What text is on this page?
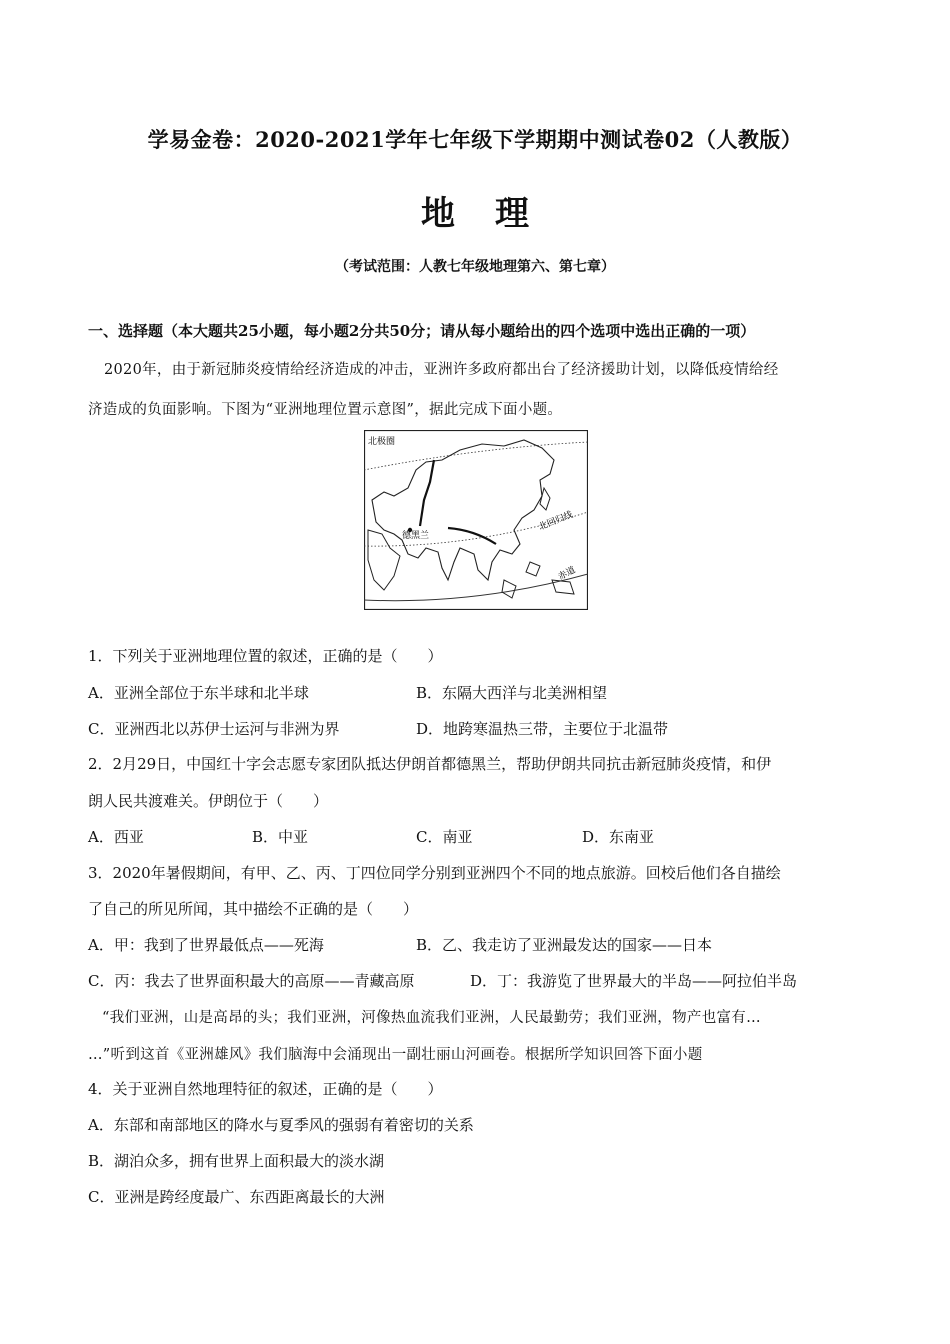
学易金卷：2020-2021学年七年级下学期期中测试卷02（人教版）
地 理
（考试范围：人教七年级地理第六、第七章）
一、选择题（本大题共25小题，每小题2分共50分；请从每小题给出的四个选项中选出正确的一项）
2020年，由于新冠肺炎疫情给经济造成的冲击，亚洲许多政府都出台了经济援助计划，以降低疫情给经
济造成的负面影响。下图为“亚洲地理位置示意图”，据此完成下面小题。
北极圈
德黑兰
北回归线
赤道
1．下列关于亚洲地理位置的叙述，正确的是（　　）
A．亚洲全部位于东半球和北半球	B．东隔大西洋与北美洲相望
C．亚洲西北以苏伊士运河与非洲为界	D．地跨寒温热三带，主要位于北温带
2．2月29日，中国红十字会志愿专家团队抵达伊朗首都德黑兰，帮助伊朗共同抗击新冠肺炎疫情，和伊
朗人民共渡难关。伊朗位于（　　）
A．西亚	B．中亚	C．南亚	D．东南亚
3．2020年暑假期间，有甲、乙、丙、丁四位同学分别到亚洲四个不同的地点旅游。回校后他们各自描绘
了自己的所见所闻，其中描绘不正确的是（　　）
A．甲：我到了世界最低点——死海	B．乙、我走访了亚洲最发达的国家——日本
C．丙：我去了世界面积最大的高原——青藏高原	D．丁：我游览了世界最大的半岛——阿拉伯半岛
“我们亚洲，山是高昂的头；我们亚洲，河像热血流我们亚洲，人民最勤劳；我们亚洲，物产也富有…
…”听到这首《亚洲雄风》我们脑海中会涌现出一副壮丽山河画卷。根据所学知识回答下面小题
4．关于亚洲自然地理特征的叙述，正确的是（　　）
A．东部和南部地区的降水与夏季风的强弱有着密切的关系
B．湖泊众多，拥有世界上面积最大的淡水湖
C．亚洲是跨经度最广、东西距离最长的大洲
